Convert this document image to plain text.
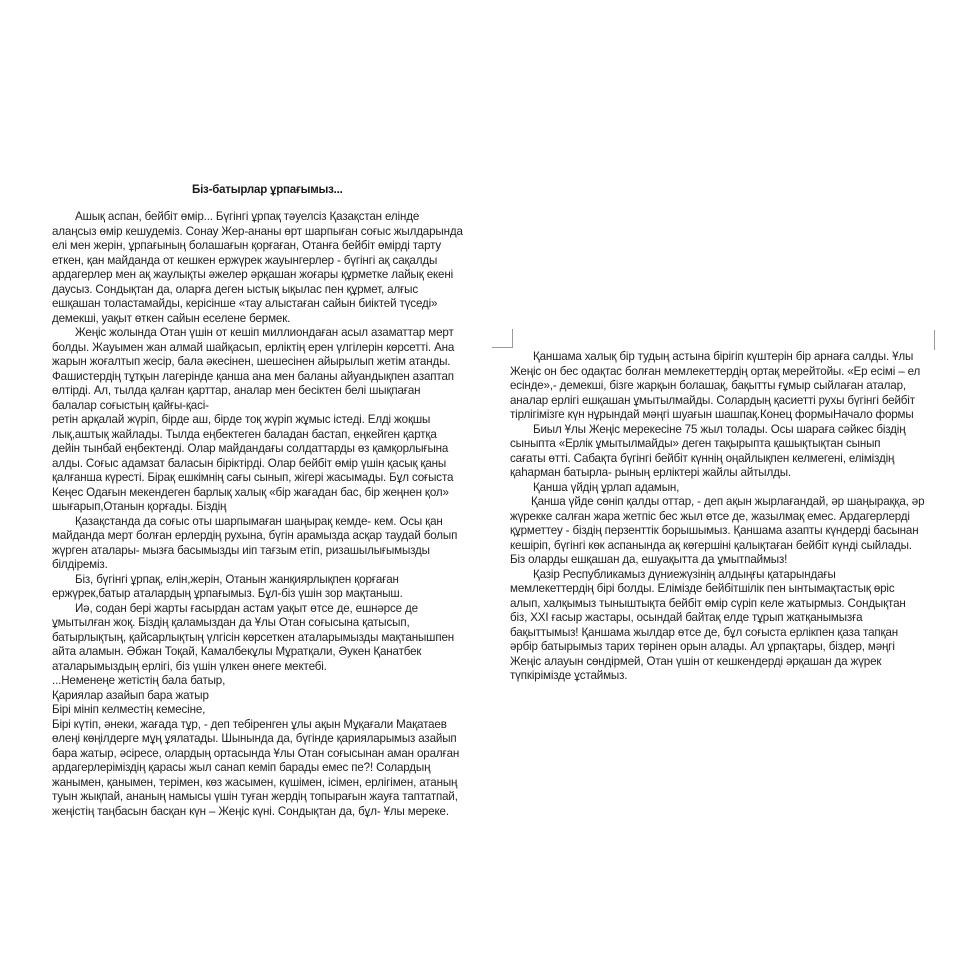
Біз-батырлар ұрпағымыз...
Ашық аспан, бейбіт өмір... Бүгінгі ұрпақ тәуелсіз Қазақстан елінде
алаңсыз өмір кешудеміз. Сонау Жер-ананы өрт шарпыған соғыс жылдарында
елі мен жерін, ұрпағының болашағын қорғаған, Отанға бейбіт өмірді тарту
еткен, қан майданда от кешкен ержүрек жауынгерлер - бүгінгі ақ сақалды
ардагерлер мен ақ жаулықты әжелер әрқашан жоғары құрметке лайық екені
даусыз. Сондықтан да, оларға деген ыстық ықылас пен құрмет, алғыс
ешқашан толастамайды, керісінше «тау алыстаған сайын биіктей түседі»
демекші, уақыт өткен сайын еселене бермек.
Жеңіс жолында Отан үшін от кешіп миллиондаған асыл азаматтар мерт
болды. Жауымен жан алмай шайқасып, ерліктің ерен үлгілерін көрсетті. Ана
жарын жоғалтып жесір, бала әкесінен, шешесінен айырылып жетім атанды.
Фашистердің тұтқын лагерінде қанша ана мен баланы айуандықпен азаптап
өлтірді. Ал, тылда қалған қарттар, аналар мен бесіктен белі шықпаған
балалар соғыстың қайғы-қасі-
ретін арқалай жүріп, бірде аш, бірде тоқ жүріп жұмыс істеді. Елді жоқшы
лық,аштық жайлады. Тылда еңбектеген баладан бастап, еңкейген қартқа
дейін тынбай еңбектенді. Олар майдандағы солдаттарды өз қамқорлығына
алды. Соғыс адамзат баласын біріктірді. Олар бейбіт өмір үшін қасық қаны
қалғанша күресті. Бірақ ешкімнің сағы сынып, жігері жасымады. Бұл соғыста
Кеңес Одағын мекендеген барлық халық «бір жағадан бас, бір жеңнен қол»
шығарып,Отанын қорғады. Біздің
Қазақстанда да соғыс оты шарпымаған шаңырақ кемде- кем. Осы қан
майданда мерт болған ерлердің рухына, бүгін арамызда асқар таудай болып
жүрген аталары- мызға басымызды иіп тағзым етіп, ризашылығымызды
білдіреміз.
Біз, бүгінгі ұрпақ, елін,жерін, Отанын жанқиярлықпен қорғаған
ержүрек,батыр аталардың ұрпағымыз. Бұл-біз үшін зор мақтаныш.
Иә, содан бері жарты ғасырдан астам уақыт өтсе де, ешнәрсе де
ұмытылған жоқ. Біздің қаламыздан да Ұлы Отан соғысына қатысып,
батырлықтың, қайсарлықтың үлгісін көрсеткен аталарымызды мақтанышпен
айта аламын. Әбжан Тоқай, Камалбекұлы Мұратқали, Әукен Қанатбек
аталарымыздың ерлігі, біз үшін үлкен өнеге мектебі.
...Неменеңе жетістің бала батыр,
Қариялар азайып бара жатыр
Бірі мініп келместің кемесіне,
Бірі күтіп, әнеки, жағада тұр, - деп тебіренген ұлы ақын Мұқағали Мақатаев
өлеңі көңілдерге мұң ұялатады. Шынында да, бүгінде қарияларымыз азайып
бара жатыр, әсіресе, олардың ортасында Ұлы Отан соғысынан аман оралған
ардагерлеріміздің қарасы жыл санап кеміп барады емес пе?! Солардың
жанымен, қанымен, терімен, көз жасымен, күшімен, ісімен, ерлігімен, атаның
туын жықпай, ананың намысы үшін туған жердің топырағын жауға таптатпай,
жеңістің таңбасын басқан күн – Жеңіс күні. Сондықтан да, бұл- Ұлы мереке.
Қаншама халық бір тудың астына бірігіп күштерін бір арнаға салды. Ұлы
Жеңіс он бес одақтас болған мемлекеттердің ортақ мерейтойы. «Ер есімі – ел
есінде»,- демекші, бізге жарқын болашақ, бақытты ғұмыр сыйлаған аталар,
аналар ерлігі ешқашан ұмытылмайды. Солардың қасиетті рухы бүгінгі бейбіт
тірлігімізге күн нұрындай мәңгі шуағын шашпақ.Конец формыНачало формы
Биыл Ұлы Жеңіс мерекесіне 75 жыл толады. Осы шараға сәйкес біздің
сыныпта «Ерлік ұмытылмайды» деген тақырыпта қашықтықтан сынып
сағаты өтті. Сабақта бүгінгі бейбіт күннің оңайлықпен келмегені, еліміздің
қаһарман батырла- рының ерліктері жайлы айтылды.
Қанша үйдің ұрлап адамын,
Қанша үйде сөніп қалды оттар, - деп ақын жырлағандай, әр шаңыраққа, әр
жүрекке салған жара жетпіс бес жыл өтсе де, жазылмақ емес. Ардагерлерді
құрметтеу - біздің перзенттік борышымыз. Қаншама азапты күндерді басынан
кешіріп, бүгінгі көк аспанында ақ көгершіні қалықтаған бейбіт күнді сыйлады.
Біз оларды ешқашан да, ешуақытта да ұмытпаймыз!
Қазір Республикамыз дүниежүзінің алдыңғы қатарындағы
мемлекеттердің бірі болды. Елімізде бейбітшілік пен ынтымақтастық өріс
алып, халқымыз тыныштықта бейбіт өмір сүріп келе жатырмыз. Сондықтан
біз, XXI ғасыр жастары, осындай байтақ елде тұрып жатқанымызға
бақыттымыз! Қаншама жылдар өтсе де, бұл соғыста ерлікпен қаза тапқан
әрбір батырымыз тарих төрінен орын алады. Ал ұрпақтары, біздер, мәңгі
Жеңіс алауын сөндірмей, Отан үшін от кешкендерді әрқашан да жүрек
түпкірімізде ұстаймыз.
